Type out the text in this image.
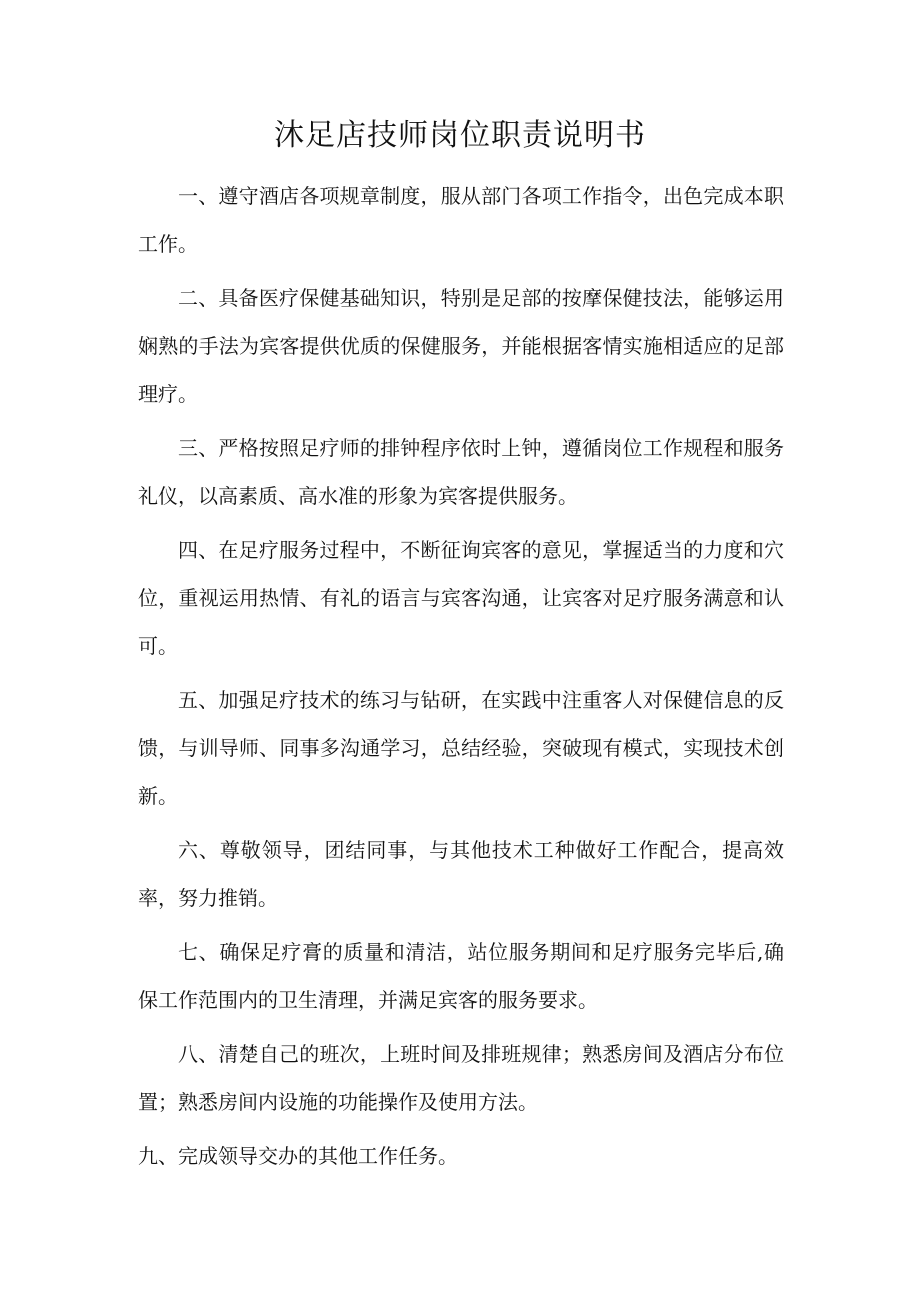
沐足店技师岗位职责说明书

一、遵守酒店各项规章制度，服从部门各项工作指令，出色完成本职工作。

二、具备医疗保健基础知识，特别是足部的按摩保健技法，能够运用娴熟的手法为宾客提供优质的保健服务，并能根据客情实施相适应的足部理疗。

三、严格按照足疗师的排钟程序依时上钟，遵循岗位工作规程和服务礼仪，以高素质、高水准的形象为宾客提供服务。

四、在足疗服务过程中，不断征询宾客的意见，掌握适当的力度和穴位，重视运用热情、有礼的语言与宾客沟通，让宾客对足疗服务满意和认可。

五、加强足疗技术的练习与钻研，在实践中注重客人对保健信息的反馈，与训导师、同事多沟通学习，总结经验，突破现有模式，实现技术创新。

六、尊敬领导，团结同事，与其他技术工种做好工作配合，提高效率，努力推销。

七、确保足疗膏的质量和清洁，站位服务期间和足疗服务完毕后,确保工作范围内的卫生清理，并满足宾客的服务要求。

八、清楚自己的班次，上班时间及排班规律；熟悉房间及酒店分布位置；熟悉房间内设施的功能操作及使用方法。

九、完成领导交办的其他工作任务。
